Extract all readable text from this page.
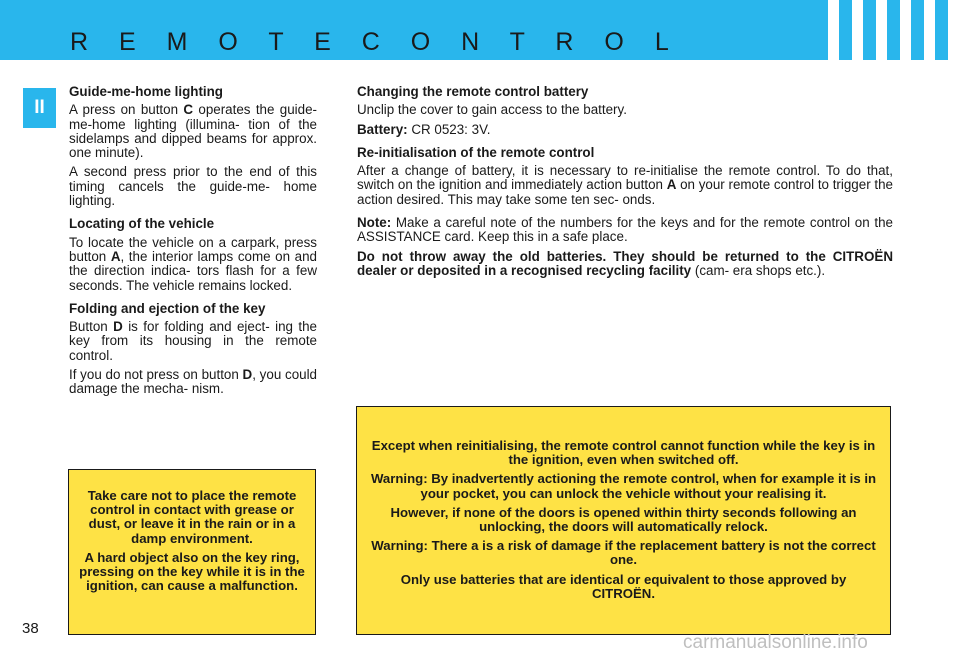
R E M O T E C O N T R O L
II
Guide-me-home lighting

A press on button C operates the guide-me-home lighting (illumina- tion of the sidelamps and dipped beams for approx. one minute).

A second press prior to the end of this timing cancels the guide-me- home lighting.

Locating of the vehicle

To locate the vehicle on a carpark, press button A, the interior lamps come on and the direction indica- tors flash for a few seconds. The vehicle remains locked.

Folding and ejection of the key

Button D is for folding and eject- ing the key from its housing in the remote control.

If you do not press on button D, you could damage the mecha- nism.

Changing the remote control battery

Unclip the cover to gain access to the battery.

Battery: CR 0523: 3V.

Re-initialisation of the remote control

After a change of battery, it is necessary to re-initialise the remote control. To do that, switch on the ignition and immediately action button A on your remote control to trigger the action desired. This may take some ten sec- onds.

Note: Make a careful note of the numbers for the keys and for the remote control on the ASSISTANCE card. Keep this in a safe place.

Do not throw away the old batteries. They should be returned to the CITROËN dealer or deposited in a recognised recycling facility (cam- era shops etc.).

Take care not to place the remote control in contact with grease or dust, or leave it in the rain or in a damp environment.

A hard object also on the key ring, pressing on the key while it is in the ignition, can cause a malfunction.

Except when reinitialising, the remote control cannot function while the key is in the ignition, even when switched off.

Warning: By inadvertently actioning the remote control, when for example it is in your pocket, you can unlock the vehicle without your realising it.

However, if none of the doors is opened within thirty seconds following an unlocking, the doors will automatically relock.

Warning: There a is a risk of damage if the replacement battery is not the correct one.

Only use batteries that are identical or equivalent to those approved by CITROËN.

38
carmanualsonline.info
